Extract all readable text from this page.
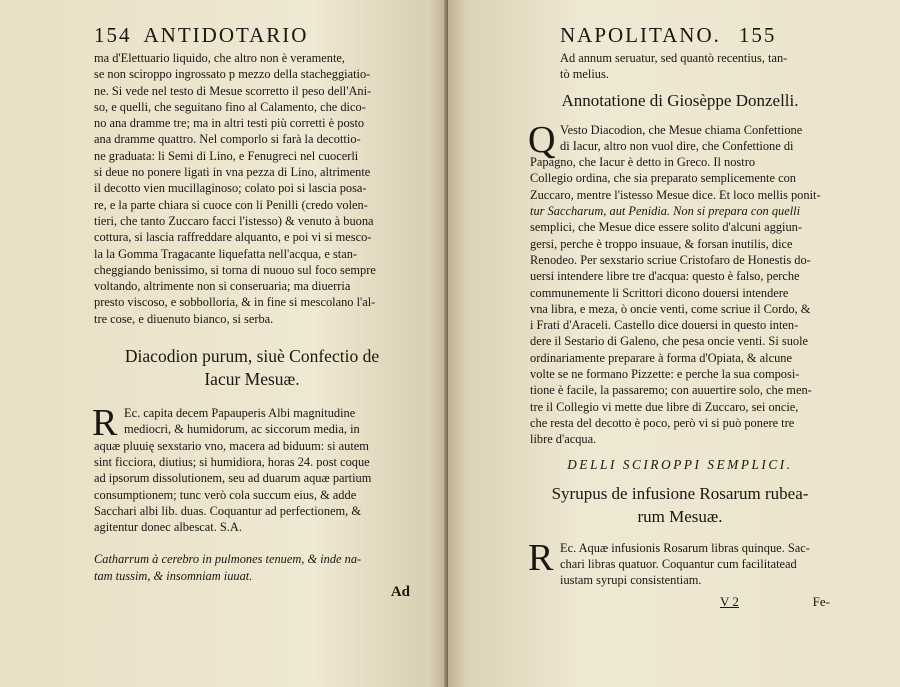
154 ANTIDOTARIO
ma d'Elettuario liquido, che altro non è veramente,
se non sciroppo ingrossato p mezzo della stacheggiatio-
ne. Si vede nel testo di Mesue scorretto il peso dell'Ani-
so, e quelli, che seguitano fino al Calamento, che dico-
no ana dramme tre; ma in altri testi più corretti è posto
ana dramme quattro. Nel comporlo si farà la decottio-
ne graduata: li Semi di Lino, e Fenugreci nel cuocerli
si deue no ponere ligati in vna pezza di Lino, altrimente
il decotto vien mucillaginoso; colato poi si lascia posa-
re, e la parte chiara si cuoce con li Penilli (credo volen-
tieri, che tanto Zuccaro facci l'istesso) & venuto à buona
cottura, si lascia raffreddare alquanto, e poi vi si mesco-
la la Gomma Tragacante liquefatta nell'acqua, e stan-
cheggiando benissimo, si torna di nuouo sul foco sempre
voltando, altrimente non si conseruaria; ma diuerria
presto viscoso, e sobbolloria, & in fine si mescolano l'al-
tre cose, e diuenuto bianco, si serba.
Diacodion purum, siuè Confectio de
Iacur Mesuæ.
R Ec. capita decem Papauperis Albi magnitudine
mediocri, & humidorum, ac siccorum media, in
aquæ pluuię sexstario vno, macera ad biduum: si autem
sint ficciora, diutius; si humidiora, horas 24. post coque
ad ipsorum dissolutionem, seu ad duarum aquæ partium
consumptionem; tunc verò cola succum eius, & adde
Sacchari albi lib. duas. Coquantur ad perfectionem, &
agitentur donec albescat. S.A.
Catharrum à cerebro in pulmones tenuem, & inde na-
tam tussim, & insomniam iuuat.
Ad
NAPOLITANO. 155
Ad annum seruatur, sed quantò recentius, tan-
tò melius.
Annotatione di Giosèppe Donzelli.
Q Vesto Diacodion, che Mesue chiama Confettione
di Iacur, altro non vuol dire, che Confettione di
Papagno, che Iacur è detto in Greco. Il nostro
Collegio ordina, che sia preparato semplicemente con
Zuccaro, mentre l'istesso Mesue dice. Et loco mellis ponit-
tur Saccharum, aut Penidia. Non si prepara con quelli
semplici, che Mesue dice essere solito d'alcuni aggiun-
gersi, perche è troppo insuaue, & forsan inutilis, dice
Renodeo. Per sexstario scriue Cristofaro de Honestis do-
uersi intendere libre tre d'acqua: questo è falso, perche
communemente li Scrittori dicono douersi intendere
vna libra, e meza, ò oncie venti, come scriue il Cordo, &
i Frati d'Araceli. Castello dice douersi in questo inten-
dere il Sestario di Galeno, che pesa oncie venti. Si suole
ordinariamente preparare à forma d'Opiata, & alcune
volte se ne formano Pizzette: e perche la sua composi-
tione è facile, la passaremo; con auuertire solo, che men-
tre il Collegio vi mette due libre di Zuccaro, sei oncie,
che resta del decotto è poco, però vi si può ponere tre
libre d'acqua.
DELLI SCIROPPI SEMPLICI.
Syrupus de infusione Rosarum rubea-
rum Mesuæ.
R Ec. Aquæ infusionis Rosarum libras quinque. Sac-
chari libras quatuor. Coquantur cum facilitatead
iustam syrupi consistentiam.
V 2	Fe-
